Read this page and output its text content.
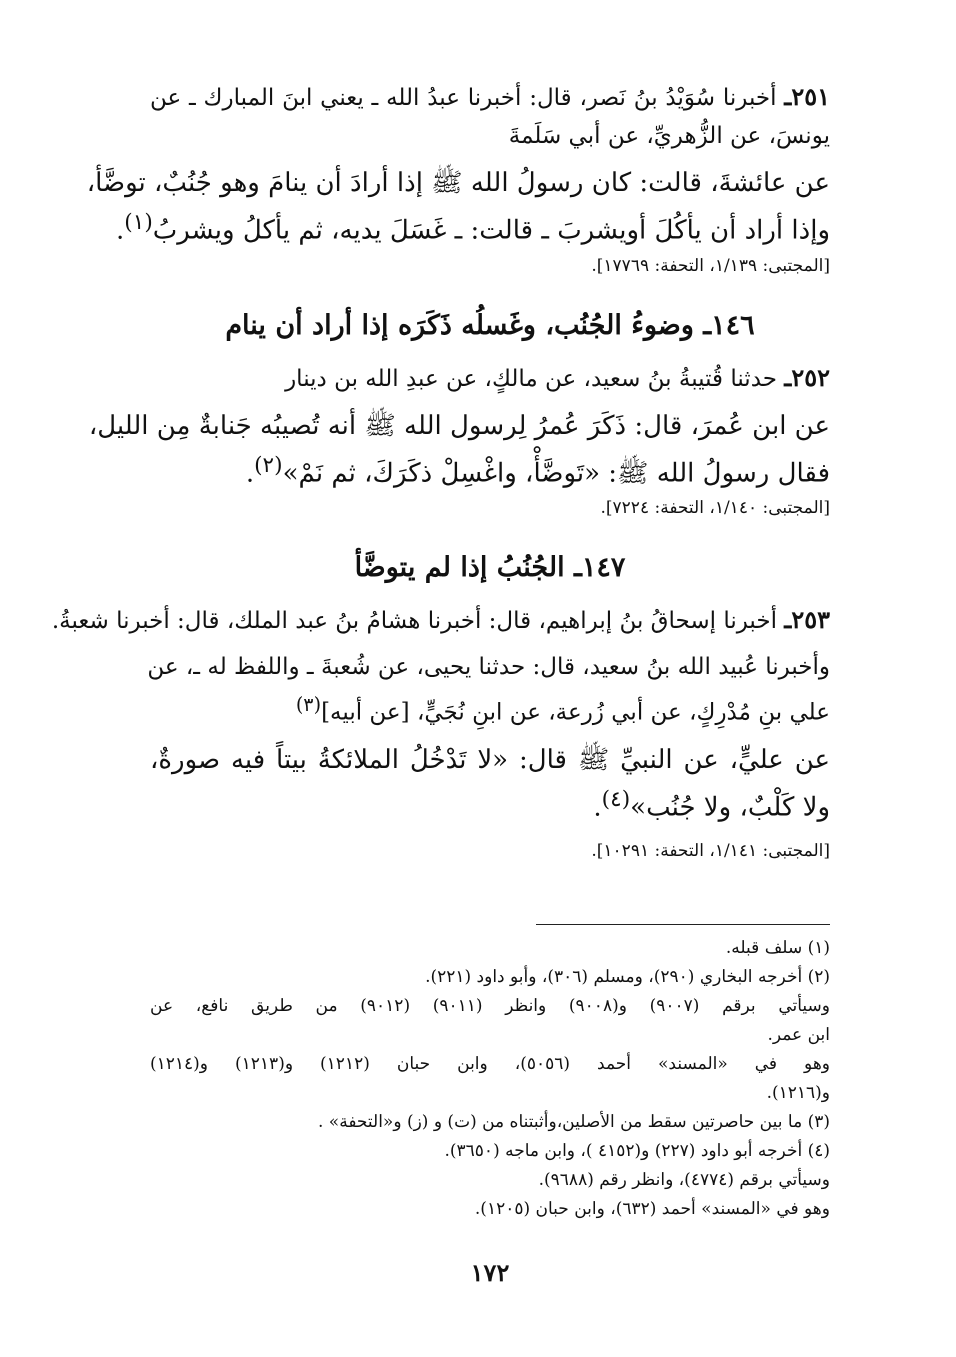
٢٥١ـ أخبرنا سُوَيْدُ بنُ نَصر، قال: أخبرنا عبدُ الله ـ يعني ابنَ المبارك ـ عن
يونسَ، عن الزُّهريِّ، عن أبي سَلَمةَ
عن عائشةَ، قالت: كان رسولُ الله ﷺ إذا أرادَ أن ينامَ وهو جُنُبٌ، توضَّأ،
وإذا أراد أن يأكُلَ أويشربَ ـ قالت: ـ غَسَلَ يديه، ثم يأكلُ ويشربُ$^{(١)}$.
[المجتبى: ١/١٣٩، التحفة: ١٧٧٦٩].
١٤٦ـ وضوءُ الجُنُب، وغَسلُه ذَكَرَه إذا أراد أن ينام
٢٥٢ـ حدثنا قُتيبةُ بنُ سعيد، عن مالكٍ، عن عبدِ الله بن دينار
عن ابن عُمرَ، قال: ذَكَرَ عُمرُ لِرسول الله ﷺ أنه تُصيبُه جَنابةٌ مِن الليل،
فقال رسولُ الله ﷺ: «تَوضَّأْ، واغْسِلْ ذكَرَكَ، ثم نَمْ»$^{(٢)}$.
[المجتبى: ١/١٤٠، التحفة: ٧٢٢٤].
١٤٧ـ الجُنُبُ إذا لم يتوضَّأ
٢٥٣ـ أخبرنا إسحاقُ بنُ إبراهيم، قال: أخبرنا هشامُ بنُ عبد الملك، قال: أخبرنا شعبةُ.
وأخبرنا عُبيد الله بنُ سعيد، قال: حدثنا يحيى، عن شُعبةَ ـ واللفظ له ـ، عن
علي بنِ مُدْرِكٍ، عن أبي زُرعة، عن ابنِ نُجَيٍّ، [عن أبيه]$^{(٣)}$
عن عليٍّ، عن النبيِّ ﷺ قال: «لا تَدْخُلُ الملائكةُ بيتاً فيه صورةٌ،
ولا كَلْبٌ، ولا جُنُب»$^{(٤)}$.
[المجتبى: ١/١٤١، التحفة: ١٠٢٩١].
(١) سلف قبله.
(٢) أخرجه البخاري (٢٩٠)، ومسلم (٣٠٦)، وأبو داود (٢٢١).
وسيأتي برقم (٩٠٠٧) و(٩٠٠٨) وانظر (٩٠١١) (٩٠١٢) من طريق نافع، عن
ابن عمر.
وهو في «المسند» أحمد (٥٠٥٦)، وابن حبان (١٢١٢) و(١٢١٣) و(١٢١٤)
و(١٢١٦).
(٣) ما بين حاصرتين سقط من الأصلين،وأثبتناه من (ت) و (ز) و«التحفة» .
(٤) أخرجه أبو داود (٢٢٧) و(٤١٥٢ )، وابن ماجه (٣٦٥٠).
وسيأتي برقم (٤٧٧٤)، وانظر رقم (٩٦٨٨).
وهو في «المسند» أحمد (٦٣٢)، وابن حبان (١٢٠٥).
١٧٢
